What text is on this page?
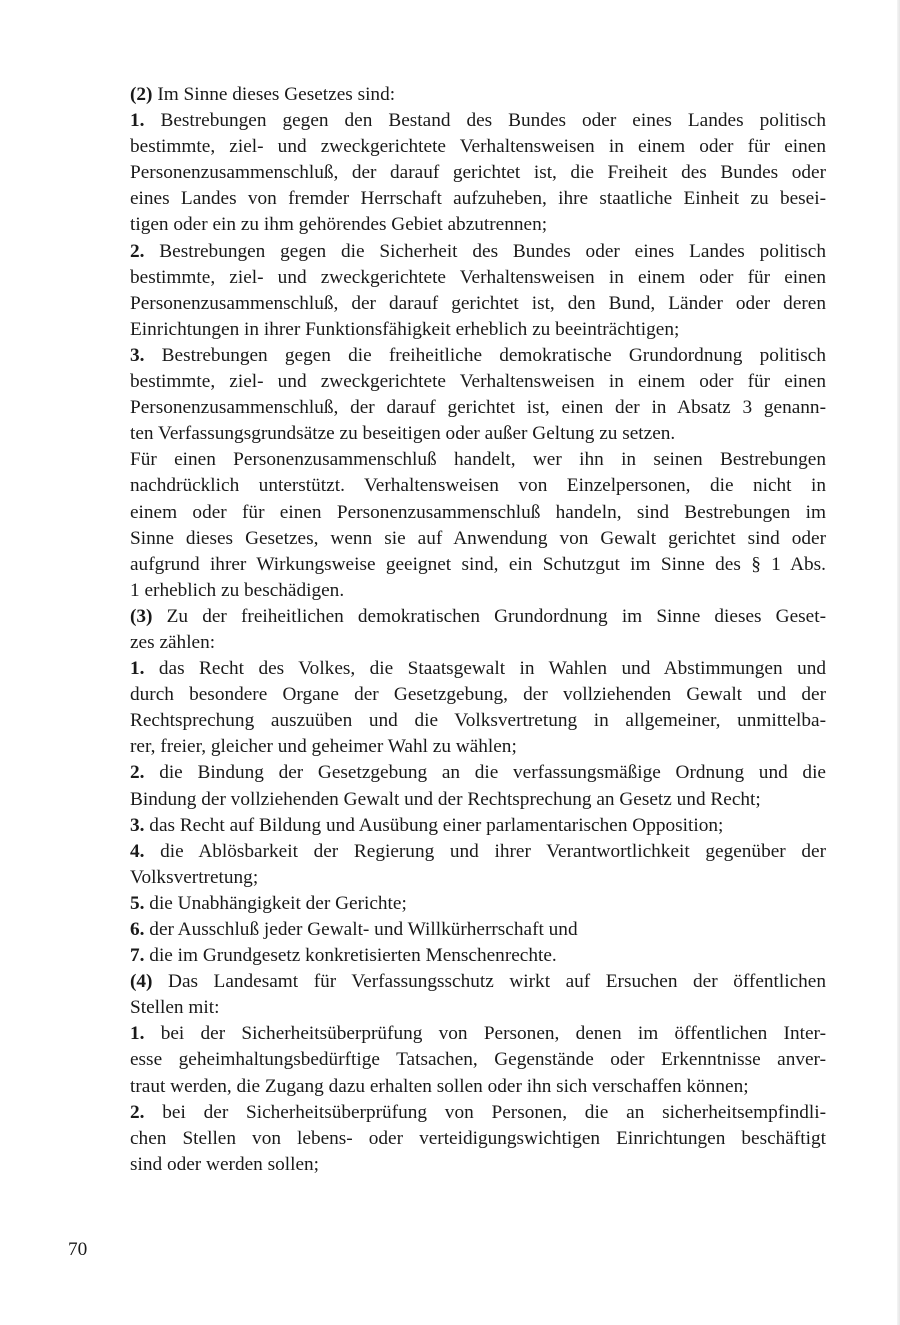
(2) Im Sinne dieses Gesetzes sind:
1. Bestrebungen gegen den Bestand des Bundes oder eines Landes politisch
bestimmte, ziel- und zweckgerichtete Verhaltensweisen in einem oder für einen
Personenzusammenschluß, der darauf gerichtet ist, die Freiheit des Bundes oder
eines Landes von fremder Herrschaft aufzuheben, ihre staatliche Einheit zu besei-
tigen oder ein zu ihm gehörendes Gebiet abzutrennen;
2. Bestrebungen gegen die Sicherheit des Bundes oder eines Landes politisch
bestimmte, ziel- und zweckgerichtete Verhaltensweisen in einem oder für einen
Personenzusammenschluß, der darauf gerichtet ist, den Bund, Länder oder deren
Einrichtungen in ihrer Funktionsfähigkeit erheblich zu beeinträchtigen;
3. Bestrebungen gegen die freiheitliche demokratische Grundordnung politisch
bestimmte, ziel- und zweckgerichtete Verhaltensweisen in einem oder für einen
Personenzusammenschluß, der darauf gerichtet ist, einen der in Absatz 3 genann-
ten Verfassungsgrundsätze zu beseitigen oder außer Geltung zu setzen.
Für einen Personenzusammenschluß handelt, wer ihn in seinen Bestrebungen
nachdrücklich unterstützt. Verhaltensweisen von Einzelpersonen, die nicht in
einem oder für einen Personenzusammenschluß handeln, sind Bestrebungen im
Sinne dieses Gesetzes, wenn sie auf Anwendung von Gewalt gerichtet sind oder
aufgrund ihrer Wirkungsweise geeignet sind, ein Schutzgut im Sinne des § 1 Abs.
1 erheblich zu beschädigen.
(3) Zu der freiheitlichen demokratischen Grundordnung im Sinne dieses Geset-
zes zählen:
1. das Recht des Volkes, die Staatsgewalt in Wahlen und Abstimmungen und
durch besondere Organe der Gesetzgebung, der vollziehenden Gewalt und der
Rechtsprechung auszuüben und die Volksvertretung in allgemeiner, unmittelba-
rer, freier, gleicher und geheimer Wahl zu wählen;
2. die Bindung der Gesetzgebung an die verfassungsmäßige Ordnung und die
Bindung der vollziehenden Gewalt und der Rechtsprechung an Gesetz und Recht;
3. das Recht auf Bildung und Ausübung einer parlamentarischen Opposition;
4. die Ablösbarkeit der Regierung und ihrer Verantwortlichkeit gegenüber der
Volksvertretung;
5. die Unabhängigkeit der Gerichte;
6. der Ausschluß jeder Gewalt- und Willkürherrschaft und
7. die im Grundgesetz konkretisierten Menschenrechte.
(4) Das Landesamt für Verfassungsschutz wirkt auf Ersuchen der öffentlichen
Stellen mit:
1. bei der Sicherheitsüberprüfung von Personen, denen im öffentlichen Inter-
esse geheimhaltungsbedürftige Tatsachen, Gegenstände oder Erkenntnisse anver-
traut werden, die Zugang dazu erhalten sollen oder ihn sich verschaffen können;
2. bei der Sicherheitsüberprüfung von Personen, die an sicherheitsempfindli-
chen Stellen von lebens- oder verteidigungswichtigen Einrichtungen beschäftigt
sind oder werden sollen;
70
